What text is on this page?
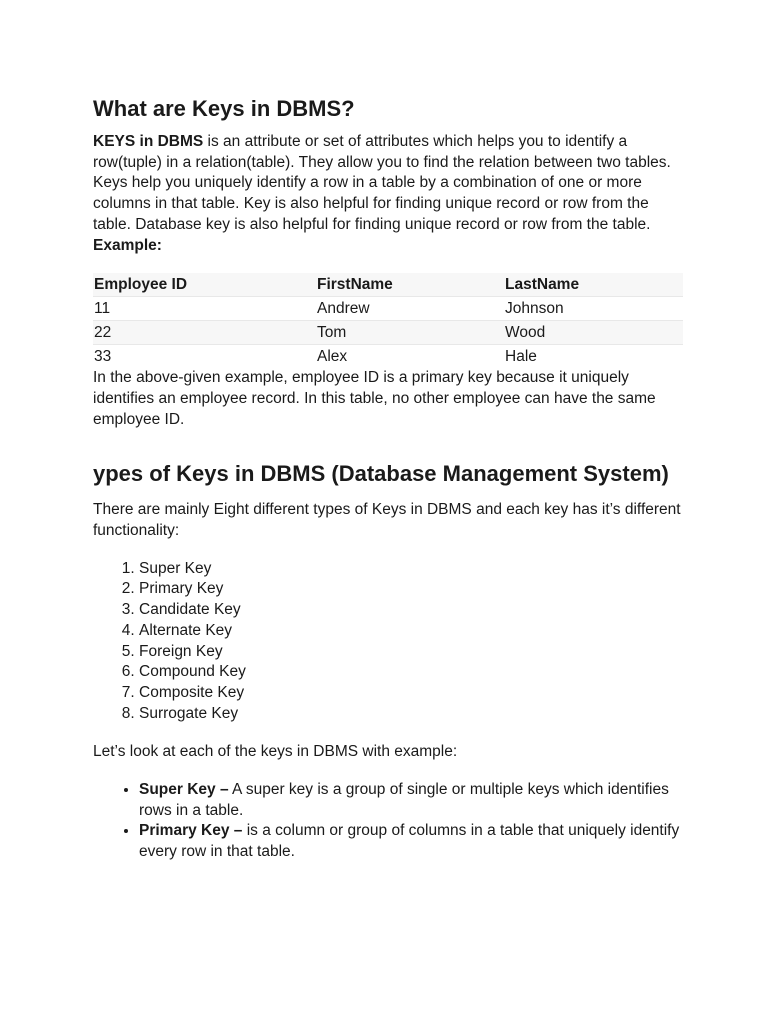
What are Keys in DBMS?

KEYS in DBMS is an attribute or set of attributes which helps you to identify a row(tuple) in a relation(table). They allow you to find the relation between two tables. Keys help you uniquely identify a row in a table by a combination of one or more columns in that table. Key is also helpful for finding unique record or row from the table. Database key is also helpful for finding unique record or row from the table.

Example:
Employee ID	FirstName	LastName
11	Andrew	Johnson
22	Tom	Wood
33	Alex	Hale

In the above-given example, employee ID is a primary key because it uniquely identifies an employee record. In this table, no other employee can have the same employee ID.

ypes of Keys in DBMS (Database Management System)

There are mainly Eight different types of Keys in DBMS and each key has it’s different functionality:

1. Super Key
2. Primary Key
3. Candidate Key
4. Alternate Key
5. Foreign Key
6. Compound Key
7. Composite Key
8. Surrogate Key

Let’s look at each of the keys in DBMS with example:

• Super Key – A super key is a group of single or multiple keys which identifies rows in a table.
• Primary Key – is a column or group of columns in a table that uniquely identify every row in that table.
